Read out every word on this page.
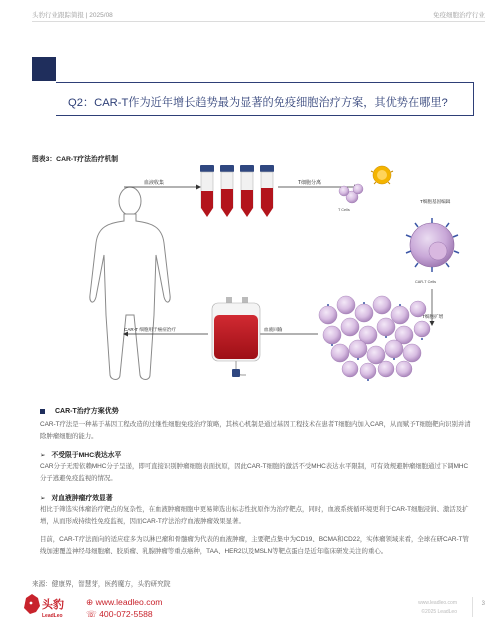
头豹行业跟踪简报 | 2025/08	免疫细胞治疗行业
Q2：CAR-T作为近年增长趋势最为显著的免疫细胞治疗方案，其优势在哪里?
图表3：CAR-T疗法治疗机制
血液收集	T细胞分离
T Cells
T细胞基因编辑
CAR-T Cells
T细胞扩增
血液回输
CAR-T 细胞用于癌症治疗
CAR-T治疗方案优势

CAR-T疗法是一种基于基因工程改造的过继性细胞免疫治疗策略，其核心机制是通过基因工程技术在患者T细胞内加入CAR，从而赋予T细胞靶向识别并清除肿瘤细胞的能力。

➢ 不受限于MHC表达水平

CAR分子无需依赖MHC分子呈递，即可直接识别肿瘤细胞表面抗原，因此CAR-T细胞的激活不受MHC表达水平限制，可有效规避肿瘤细胞通过下调MHC分子逃避免疫监视的情况。

➢ 对血液肿瘤疗效显著

相比于筛选实体瘤治疗靶点的复杂性，在血液肿瘤细胞中更易筛选出标志性抗原作为治疗靶点，同时，血液系统循环境更利于CAR-T细胞浸润、激活及扩增，从而形成持续性免疫监视，因而CAR-T疗法治疗血液肿瘤效果显著。

目前，CAR-T疗法面向的适应症多为以淋巴瘤和骨髓瘤为代表的血液肿瘤，主要靶点集中为CD19、BCMA和CD22，实体瘤领域来看，全球在研CAR-T管线加速覆盖神经母细胞瘤、胶质瘤、乳腺肿瘤等重点癌种，TAA、HER2以及MSLN等靶点蛋白是近年临床研发关注的重心。

来源：健康界，智慧芽，医药魔方，头豹研究院
头豹
LeadLeo
⊕ www.leadleo.com
☏ 400-072-5588
www.leadleo.com
©2025 LeadLeo
3
